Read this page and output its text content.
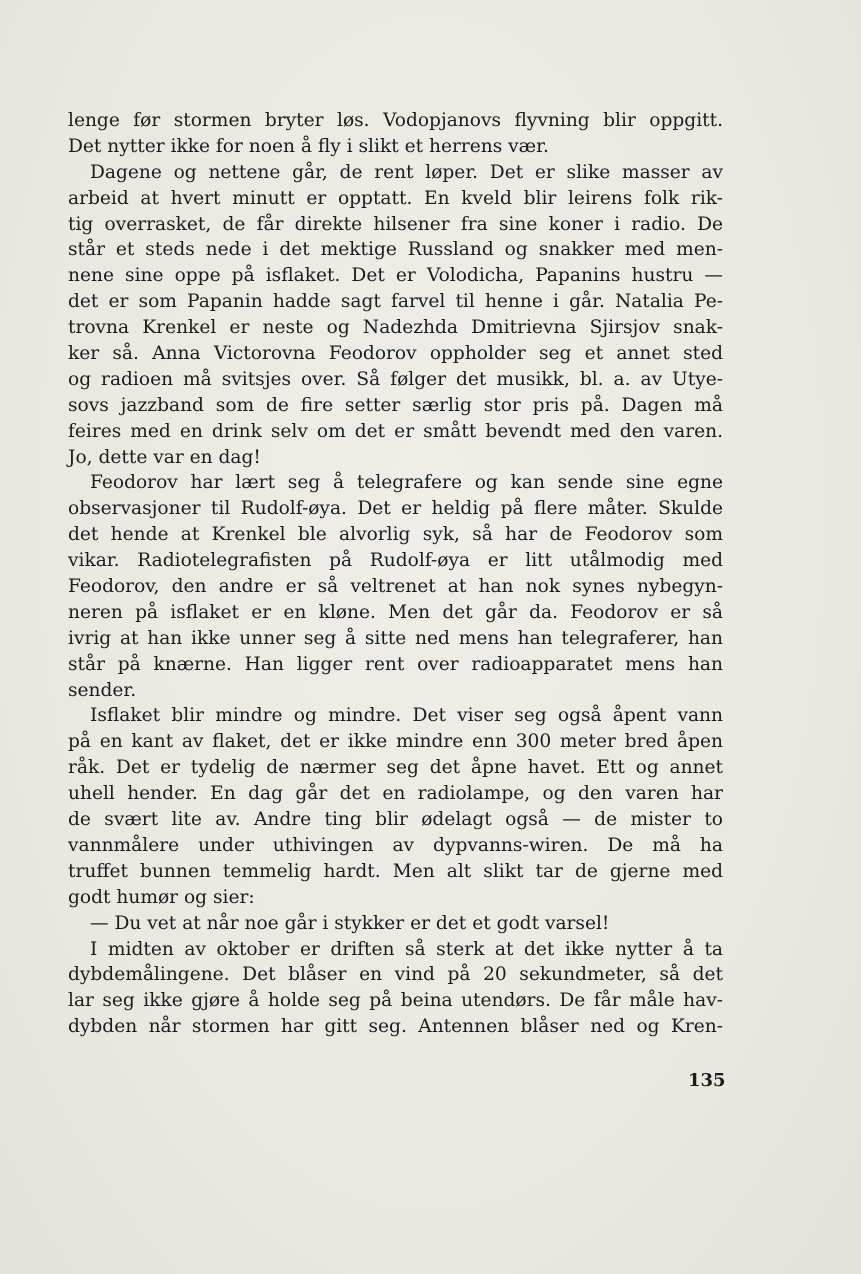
lenge før stormen bryter løs. Vodopjanovs flyvning blir oppgitt.
Det nytter ikke for noen å fly i slikt et herrens vær.
Dagene og nettene går, de rent løper. Det er slike masser av
arbeid at hvert minutt er opptatt. En kveld blir leirens folk rik-
tig overrasket, de får direkte hilsener fra sine koner i radio. De
står et steds nede i det mektige Russland og snakker med men-
nene sine oppe på isflaket. Det er Volodicha, Papanins hustru —
det er som Papanin hadde sagt farvel til henne i går. Natalia Pe-
trovna Krenkel er neste og Nadezhda Dmitrievna Sjirsjov snak-
ker så. Anna Victorovna Feodorov oppholder seg et annet sted
og radioen må svitsjes over. Så følger det musikk, bl. a. av Utye-
sovs jazzband som de fire setter særlig stor pris på. Dagen må
feires med en drink selv om det er smått bevendt med den varen.
Jo, dette var en dag!
Feodorov har lært seg å telegrafere og kan sende sine egne
observasjoner til Rudolf-øya. Det er heldig på flere måter. Skulde
det hende at Krenkel ble alvorlig syk, så har de Feodorov som
vikar. Radiotelegrafisten på Rudolf-øya er litt utålmodig med
Feodorov, den andre er så veltrenet at han nok synes nybegyn-
neren på isflaket er en kløne. Men det går da. Feodorov er så
ivrig at han ikke unner seg å sitte ned mens han telegraferer, han
står på knærne. Han ligger rent over radioapparatet mens han
sender.
Isflaket blir mindre og mindre. Det viser seg også åpent vann
på en kant av flaket, det er ikke mindre enn 300 meter bred åpen
råk. Det er tydelig de nærmer seg det åpne havet. Ett og annet
uhell hender. En dag går det en radiolampe, og den varen har
de svært lite av. Andre ting blir ødelagt også — de mister to
vannmålere under uthivingen av dypvanns-wiren. De må ha
truffet bunnen temmelig hardt. Men alt slikt tar de gjerne med
godt humør og sier:
— Du vet at når noe går i stykker er det et godt varsel!
I midten av oktober er driften så sterk at det ikke nytter å ta
dybdemålingene. Det blåser en vind på 20 sekundmeter, så det
lar seg ikke gjøre å holde seg på beina utendørs. De får måle hav-
dybden når stormen har gitt seg. Antennen blåser ned og Kren-
135
